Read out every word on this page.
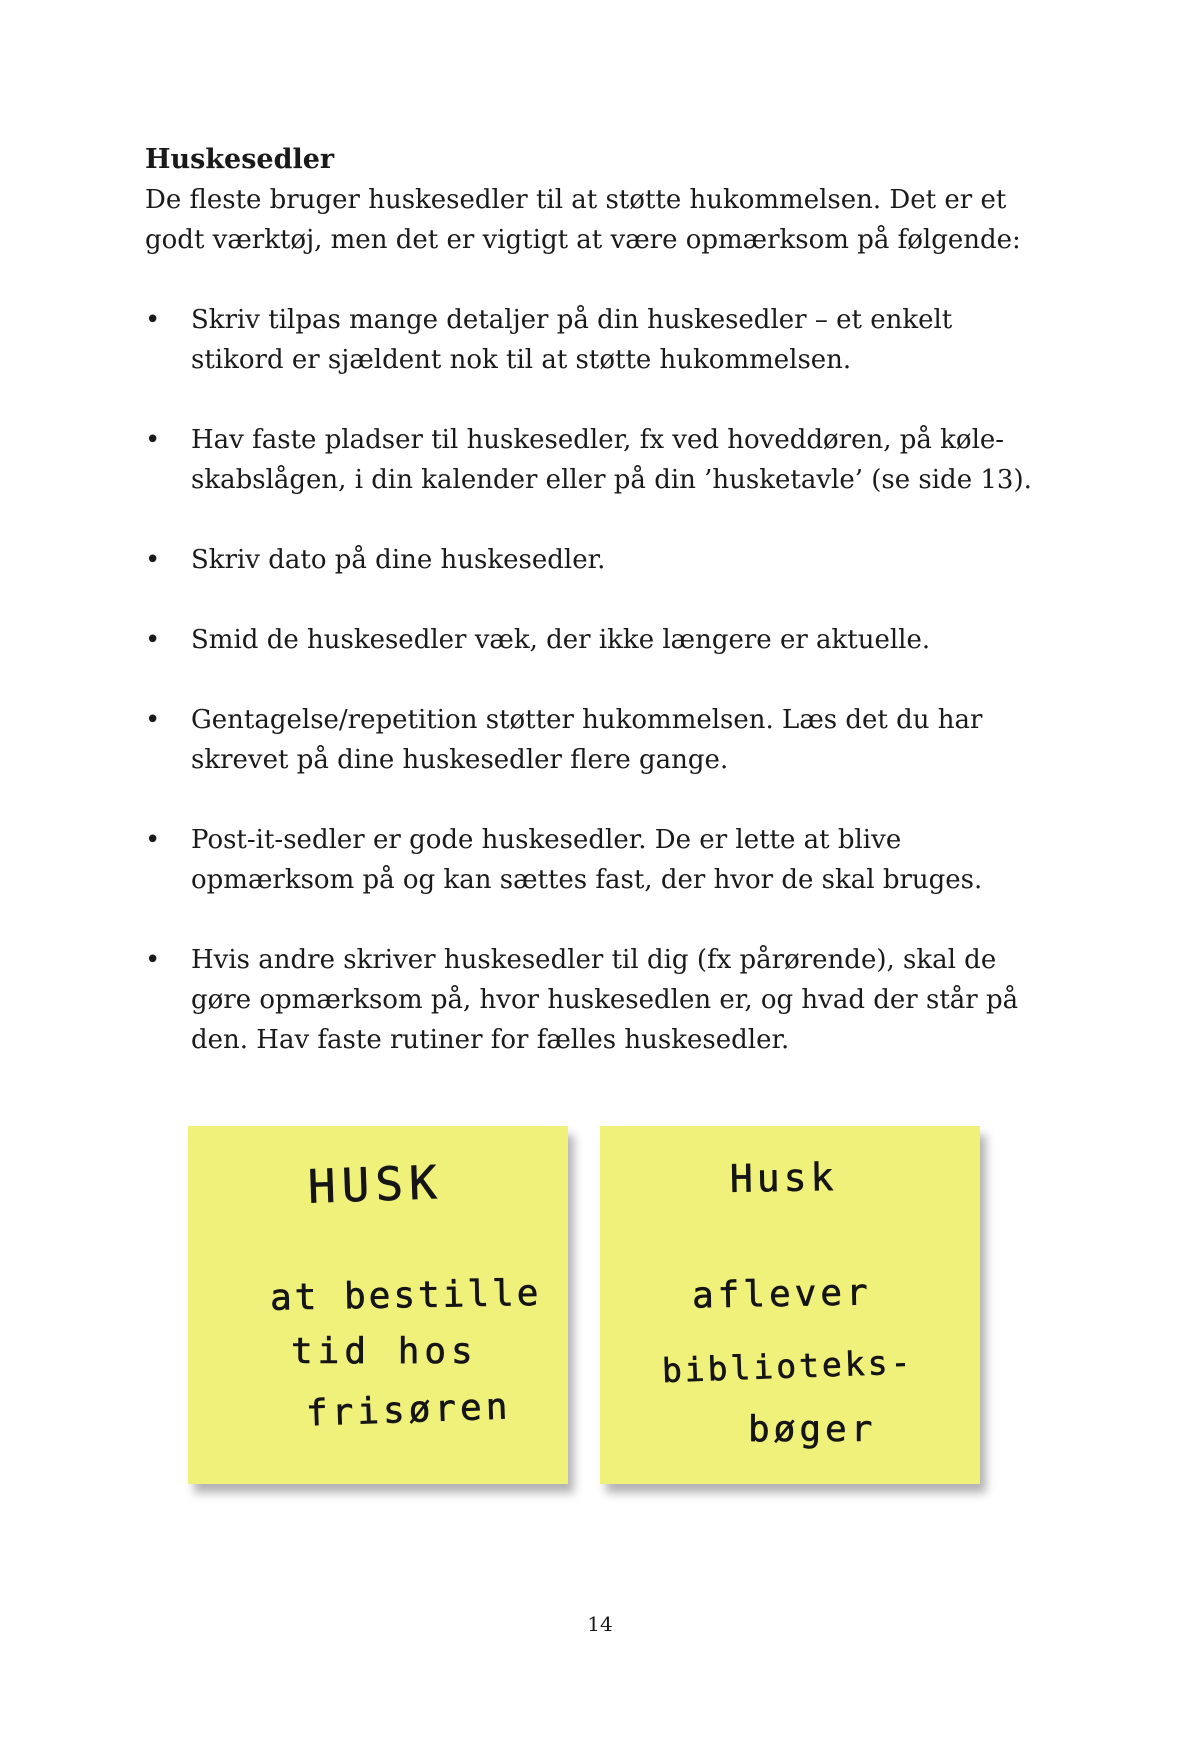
Huskesedler

De fleste bruger huskesedler til at støtte hukommelsen. Det er et godt værktøj, men det er vigtigt at være opmærksom på følgende:

• Skriv tilpas mange detaljer på din huskesedler – et enkelt stikord er sjældent nok til at støtte hukommelsen.
• Hav faste pladser til huskesedler, fx ved hoveddøren, på køle-skabslågen, i din kalender eller på din ’husketavle’ (se side 13).
• Skriv dato på dine huskesedler.
• Smid de huskesedler væk, der ikke længere er aktuelle.
• Gentagelse/repetition støtter hukommelsen. Læs det du har skrevet på dine huskesedler flere gange.
• Post-it-sedler er gode huskesedler. De er lette at blive opmærksom på og kan sættes fast, der hvor de skal bruges.
• Hvis andre skriver huskesedler til dig (fx pårørende), skal de gøre opmærksom på, hvor huskesedlen er, og hvad der står på den. Hav faste rutiner for fælles huskesedler.
HUSK
at bestille
tid hos
frisøren
Husk
aflever
biblioteks-
bøger
14
